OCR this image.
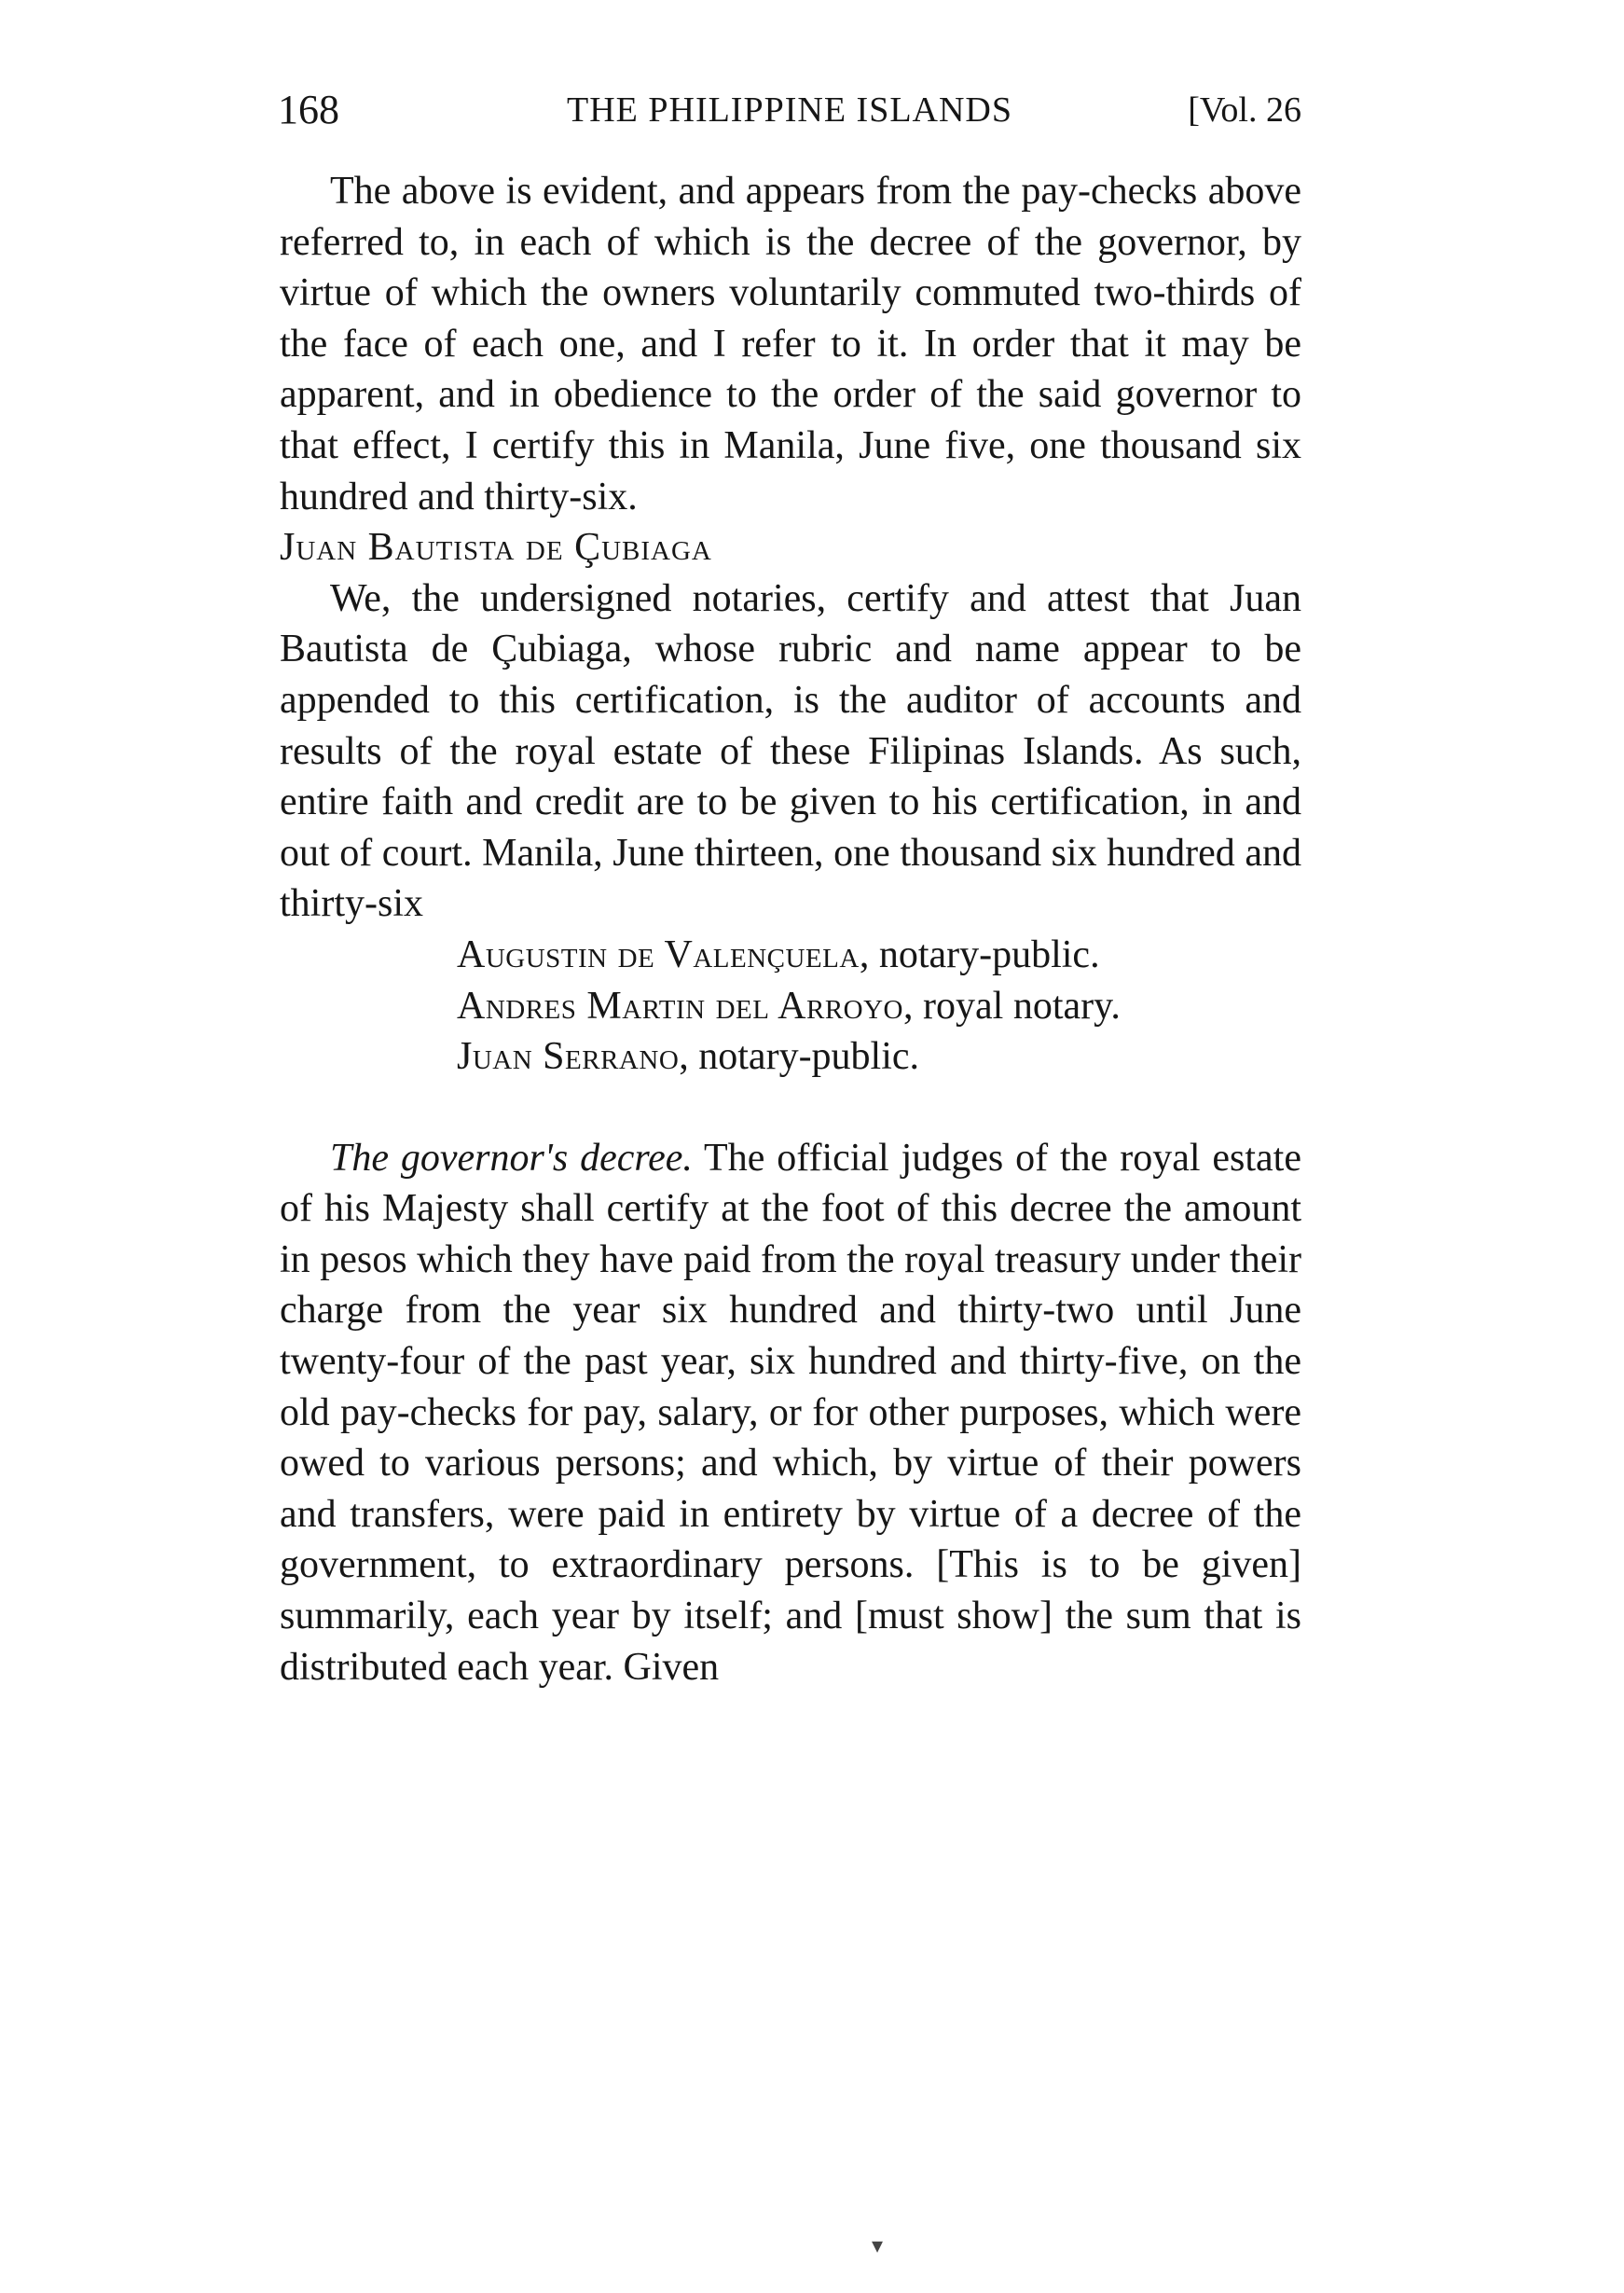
168	THE PHILIPPINE ISLANDS	[Vol. 26

The above is evident, and appears from the pay-checks above referred to, in each of which is the decree of the governor, by virtue of which the owners voluntarily commuted two-thirds of the face of each one, and I refer to it. In order that it may be apparent, and in obedience to the order of the said governor to that effect, I certify this in Manila, June five, one thousand six hundred and thirty-six.

Juan Bautista de Çubiaga

We, the undersigned notaries, certify and attest that Juan Bautista de Çubiaga, whose rubric and name appear to be appended to this certification, is the auditor of accounts and results of the royal estate of these Filipinas Islands. As such, entire faith and credit are to be given to his certification, in and out of court. Manila, June thirteen, one thousand six hundred and thirty-six

Augustin de Valençuela, notary-public.
Andres Martin del Arroyo, royal notary.
Juan Serrano, notary-public.

The governor's decree. The official judges of the royal estate of his Majesty shall certify at the foot of this decree the amount in pesos which they have paid from the royal treasury under their charge from the year six hundred and thirty-two until June twenty-four of the past year, six hundred and thirty-five, on the old pay-checks for pay, salary, or for other purposes, which were owed to various persons; and which, by virtue of their powers and transfers, were paid in entirety by virtue of a decree of the government, to extraordinary persons. [This is to be given] summarily, each year by itself; and [must show] the sum that is distributed each year. Given

▾
